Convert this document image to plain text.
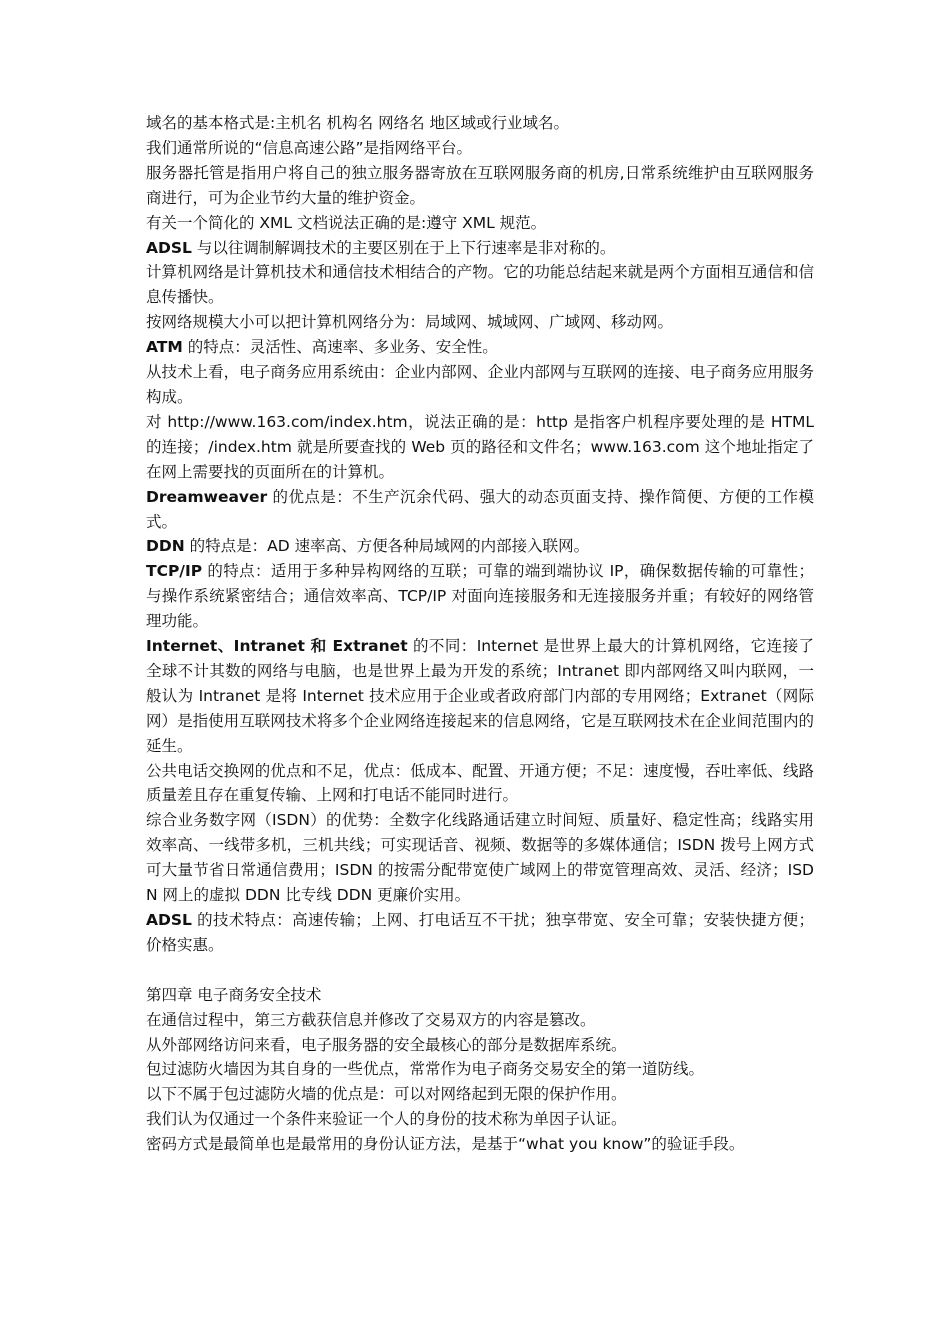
域名的基本格式是:主机名 机构名 网络名 地区域或行业域名。

我们通常所说的“信息高速公路”是指网络平台。

服务器托管是指用户将自己的独立服务器寄放在互联网服务商的机房,日常系统维护由互联网服务商进行，可为企业节约大量的维护资金。

有关一个简化的 XML 文档说法正确的是:遵守 XML 规范。

ADSL 与以往调制解调技术的主要区别在于上下行速率是非对称的。

计算机网络是计算机技术和通信技术相结合的产物。它的功能总结起来就是两个方面相互通信和信息传播快。

按网络规模大小可以把计算机网络分为：局域网、城域网、广域网、移动网。

ATM 的特点：灵活性、高速率、多业务、安全性。

从技术上看，电子商务应用系统由：企业内部网、企业内部网与互联网的连接、电子商务应用服务构成。

对 http://www.163.com/index.htm，说法正确的是：http 是指客户机程序要处理的是 HTML 的连接；/index.htm 就是所要查找的 Web 页的路径和文件名；www.163.com 这个地址指定了在网上需要找的页面所在的计算机。

Dreamweaver 的优点是：不生产沉余代码、强大的动态页面支持、操作简便、方便的工作模式。

DDN 的特点是：AD 速率高、方便各种局域网的内部接入联网。

TCP/IP 的特点：适用于多种异构网络的互联；可靠的端到端协议 IP，确保数据传输的可靠性；与操作系统紧密结合；通信效率高、TCP/IP 对面向连接服务和无连接服务并重；有较好的网络管理功能。

Internet、Intranet 和 Extranet 的不同：Internet 是世界上最大的计算机网络，它连接了全球不计其数的网络与电脑，也是世界上最为开发的系统；Intranet 即内部网络又叫内联网，一般认为 Intranet 是将 Internet 技术应用于企业或者政府部门内部的专用网络；Extranet（网际网）是指使用互联网技术将多个企业网络连接起来的信息网络，它是互联网技术在企业间范围内的延生。

公共电话交换网的优点和不足，优点：低成本、配置、开通方便；不足：速度慢，吞吐率低、线路质量差且存在重复传输、上网和打电话不能同时进行。

综合业务数字网（ISDN）的优势：全数字化线路通话建立时间短、质量好、稳定性高；线路实用效率高、一线带多机，三机共线；可实现话音、视频、数据等的多媒体通信；ISDN 拨号上网方式可大量节省日常通信费用；ISDN 的按需分配带宽使广域网上的带宽管理高效、灵活、经济；ISDN 网上的虚拟 DDN 比专线 DDN 更廉价实用。

ADSL 的技术特点：高速传输；上网、打电话互不干扰；独享带宽、安全可靠；安装快捷方便；价格实惠。

第四章 电子商务安全技术

在通信过程中，第三方截获信息并修改了交易双方的内容是篡改。

从外部网络访问来看，电子服务器的安全最核心的部分是数据库系统。

包过滤防火墙因为其自身的一些优点，常常作为电子商务交易安全的第一道防线。

以下不属于包过滤防火墙的优点是：可以对网络起到无限的保护作用。

我们认为仅通过一个条件来验证一个人的身份的技术称为单因子认证。

密码方式是最简单也是最常用的身份认证方法，是基于“what you know”的验证手段。
